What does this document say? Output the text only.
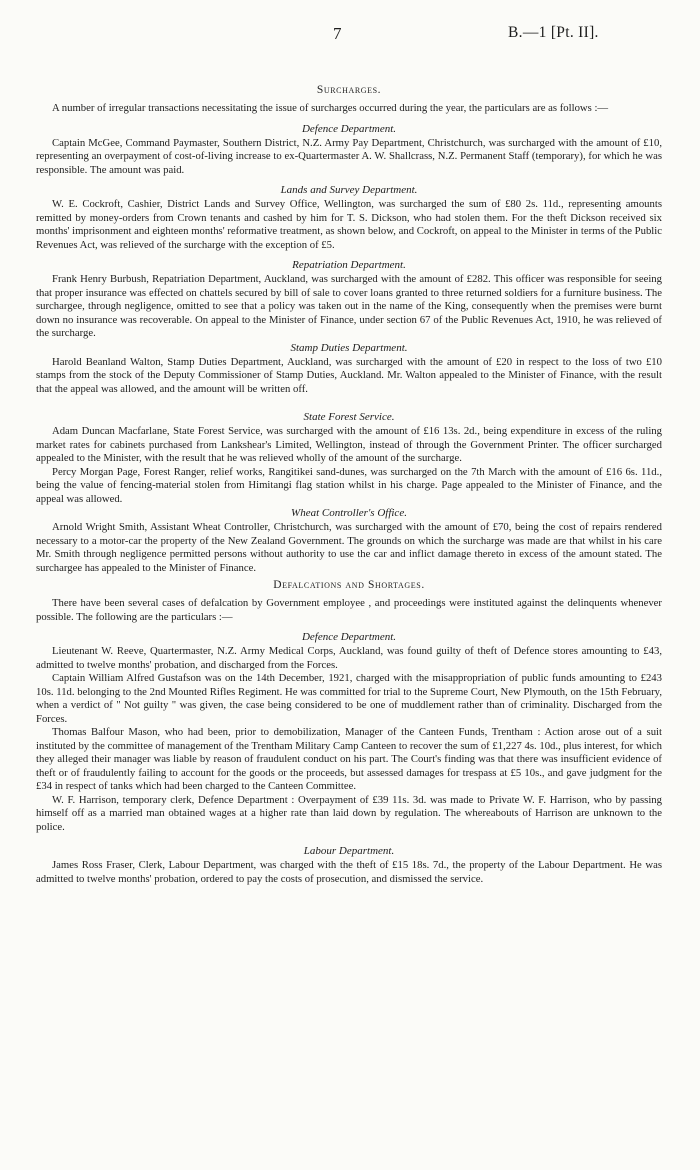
7	B.—1 [Pt. II].
Surcharges.

A number of irregular transactions necessitating the issue of surcharges occurred during the year, the particulars are as follows :—

Defence Department.

Captain McGee, Command Paymaster, Southern District, N.Z. Army Pay Department, Christchurch, was surcharged with the amount of £10, representing an overpayment of cost-of-living increase to ex-Quartermaster A. W. Shallcrass, N.Z. Permanent Staff (temporary), for which he was responsible. The amount was paid.

Lands and Survey Department.

W. E. Cockroft, Cashier, District Lands and Survey Office, Wellington, was surcharged the sum of £80 2s. 11d., representing amounts remitted by money-orders from Crown tenants and cashed by him for T. S. Dickson, who had stolen them. For the theft Dickson received six months' imprisonment and eighteen months' reformative treatment, as shown below, and Cockroft, on appeal to the Minister in terms of the Public Revenues Act, was relieved of the surcharge with the exception of £5.

Repatriation Department.

Frank Henry Burbush, Repatriation Department, Auckland, was surcharged with the amount of £282. This officer was responsible for seeing that proper insurance was effected on chattels secured by bill of sale to cover loans granted to three returned soldiers for a furniture business. The surchargee, through negligence, omitted to see that a policy was taken out in the name of the King, consequently when the premises were burnt down no insurance was recoverable. On appeal to the Minister of Finance, under section 67 of the Public Revenues Act, 1910, he was relieved of the surcharge.

Stamp Duties Department.

Harold Beanland Walton, Stamp Duties Department, Auckland, was surcharged with the amount of £20 in respect to the loss of two £10 stamps from the stock of the Deputy Commissioner of Stamp Duties, Auckland. Mr. Walton appealed to the Minister of Finance, with the result that the appeal was allowed, and the amount will be written off.

State Forest Service.

Adam Duncan Macfarlane, State Forest Service, was surcharged with the amount of £16 13s. 2d., being expenditure in excess of the ruling market rates for cabinets purchased from Lankshear's Limited, Wellington, instead of through the Government Printer. The officer surcharged appealed to the Minister, with the result that he was relieved wholly of the amount of the surcharge.

Percy Morgan Page, Forest Ranger, relief works, Rangitikei sand-dunes, was surcharged on the 7th March with the amount of £16 6s. 11d., being the value of fencing-material stolen from Himitangi flag station whilst in his charge. Page appealed to the Minister of Finance, and the appeal was allowed.

Wheat Controller's Office.

Arnold Wright Smith, Assistant Wheat Controller, Christchurch, was surcharged with the amount of £70, being the cost of repairs rendered necessary to a motor-car the property of the New Zealand Government. The grounds on which the surcharge was made are that whilst in his care Mr. Smith through negligence permitted persons without authority to use the car and inflict damage thereto in excess of the amount stated. The surchargee has appealed to the Minister of Finance.

Defalcations and Shortages.

There have been several cases of defalcation by Government employee , and proceedings were instituted against the delinquents whenever possible. The following are the particulars :—

Defence Department.

Lieutenant W. Reeve, Quartermaster, N.Z. Army Medical Corps, Auckland, was found guilty of theft of Defence stores amounting to £43, admitted to twelve months' probation, and discharged from the Forces.

Captain William Alfred Gustafson was on the 14th December, 1921, charged with the misappropriation of public funds amounting to £243 10s. 11d. belonging to the 2nd Mounted Rifles Regiment. He was committed for trial to the Supreme Court, New Plymouth, on the 15th February, when a verdict of " Not guilty " was given, the case being considered to be one of muddlement rather than of criminality. Discharged from the Forces.

Thomas Balfour Mason, who had been, prior to demobilization, Manager of the Canteen Funds, Trentham : Action arose out of a suit instituted by the committee of management of the Trentham Military Camp Canteen to recover the sum of £1,227 4s. 10d., plus interest, for which they alleged their manager was liable by reason of fraudulent conduct on his part. The Court's finding was that there was insufficient evidence of theft or of fraudulently failing to account for the goods or the proceeds, but assessed damages for trespass at £5 10s., and gave judgment for the £34 in respect of tanks which had been charged to the Canteen Committee.

W. F. Harrison, temporary clerk, Defence Department : Overpayment of £39 11s. 3d. was made to Private W. F. Harrison, who by passing himself off as a married man obtained wages at a higher rate than laid down by regulation. The whereabouts of Harrison are unknown to the police.

Labour Department.

James Ross Fraser, Clerk, Labour Department, was charged with the theft of £15 18s. 7d., the property of the Labour Department. He was admitted to twelve months' probation, ordered to pay the costs of prosecution, and dismissed the service.
